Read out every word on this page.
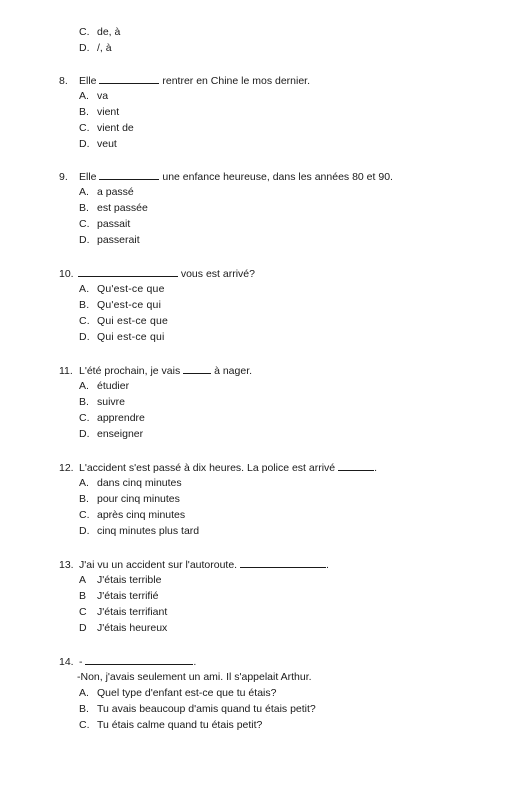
C. de, à
D. /, à
8. Elle	rentrer en Chine le mos dernier.
A. va
B. vient
C. vient de
D. veut
9. Elle	une enfance heureuse, dans les années 80 et 90.
A. a passé
B. est passée
C. passait
D. passerait
10.	vous est arrivé?
A. Qu'est-ce que
B. Qu'est-ce qui
C. Qui est-ce que
D. Qui est-ce qui
11. L'été prochain, je vais	à nager.
A. étudier
B. suivre
C. apprendre
D. enseigner
12. L'accident s'est passé à dix heures. La police est arrivé	.
A. dans cinq minutes
B. pour cinq minutes
C. après cinq minutes
D. cinq minutes plus tard
13. J'ai vu un accident sur l'autoroute.	.
A J'étais terrible
B J'étais terrifié
C J'étais terrifiant
D J'étais heureux
14. -	.
-Non, j'avais seulement un ami. Il s'appelait Arthur.
A. Quel type d'enfant est-ce que tu étais?
B. Tu avais beaucoup d'amis quand tu étais petit?
C. Tu étais calme quand tu étais petit?
